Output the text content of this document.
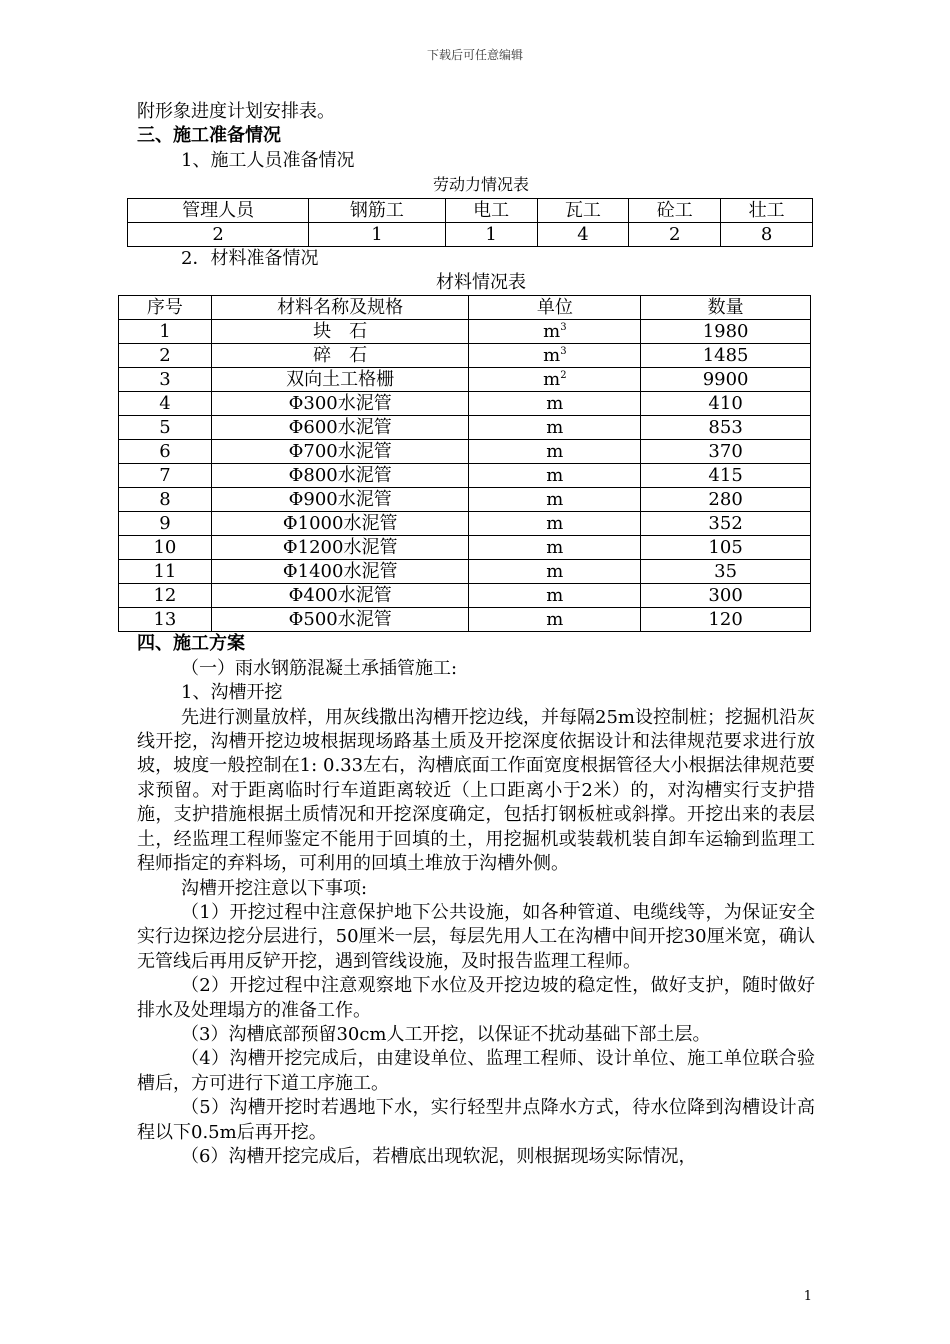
下载后可任意编辑

附形象进度计划安排表。

三、施工准备情况

1、施工人员准备情况

劳动力情况表

管理人员	钢筋工	电工	瓦工	砼工	壮工
2	1	1	4	2	8

2．材料准备情况

材料情况表

序号	材料名称及规格	单位	数量
1	块　石	$m^3$	1980
2	碎　石	$m^3$	1485
3	双向土工格栅	$m^2$	9900
4	Φ300水泥管	m	410
5	Φ600水泥管	m	853
6	Φ700水泥管	m	370
7	Φ800水泥管	m	415
8	Φ900水泥管	m	280
9	Φ1000水泥管	m	352
10	Φ1200水泥管	m	105
11	Φ1400水泥管	m	35
12	Φ400水泥管	m	300
13	Φ500水泥管	m	120

四、施工方案

（一）雨水钢筋混凝土承插管施工:

1、沟槽开挖

先进行测量放样，用灰线撒出沟槽开挖边线，并每隔25m设控制桩；挖掘机沿灰线开挖，沟槽开挖边坡根据现场路基土质及开挖深度依据设计和法律规范要求进行放坡，坡度一般控制在1: 0.33左右，沟槽底面工作面宽度根据管径大小根据法律规范要求预留。对于距离临时行车道距离较近（上口距离小于2米）的，对沟槽实行支护措施，支护措施根据土质情况和开挖深度确定，包括打钢板桩或斜撑。开挖出来的表层土，经监理工程师鉴定不能用于回填的土，用挖掘机或装载机装自卸车运输到监理工程师指定的弃料场，可利用的回填土堆放于沟槽外侧。

沟槽开挖注意以下事项:

（1）开挖过程中注意保护地下公共设施，如各种管道、电缆线等，为保证安全实行边探边挖分层进行，50厘米一层，每层先用人工在沟槽中间开挖30厘米宽，确认无管线后再用反铲开挖，遇到管线设施，及时报告监理工程师。

（2）开挖过程中注意观察地下水位及开挖边坡的稳定性，做好支护，随时做好排水及处理塌方的准备工作。

（3）沟槽底部预留30cm人工开挖，以保证不扰动基础下部土层。

（4）沟槽开挖完成后，由建设单位、监理工程师、设计单位、施工单位联合验槽后，方可进行下道工序施工。

（5）沟槽开挖时若遇地下水，实行轻型井点降水方式，待水位降到沟槽设计高程以下0.5m后再开挖。

（6）沟槽开挖完成后，若槽底出现软泥，则根据现场实际情况，

1
